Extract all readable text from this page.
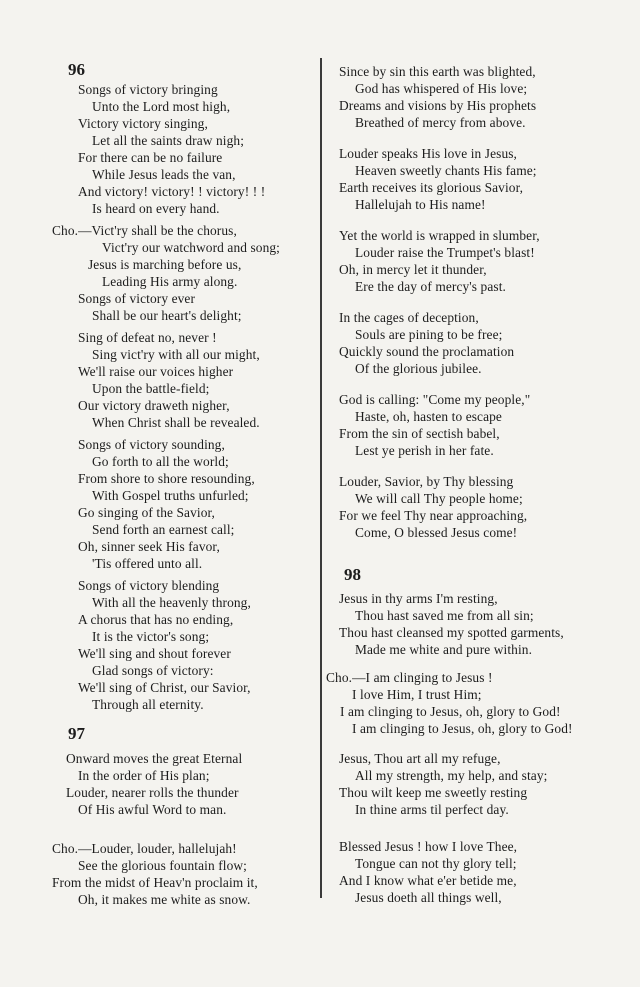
96
Songs of victory bringing
Unto the Lord most high,
Victory victory singing,
Let all the saints draw nigh;
For there can be no failure
While Jesus leads the van,
And victory! victory! ! victory! ! !
Is heard on every hand.
Cho.—Vict'ry shall be the chorus,
Vict'ry our watchword and song;
Jesus is marching before us,
Leading His army along.
Songs of victory ever
Shall be our heart's delight;
Sing of defeat no, never !
Sing vict'ry with all our might,
We'll raise our voices higher
Upon the battle-field;
Our victory draweth nigher,
When Christ shall be revealed.
Songs of victory sounding,
Go forth to all the world;
From shore to shore resounding,
With Gospel truths unfurled;
Go singing of the Savior,
Send forth an earnest call;
Oh, sinner seek His favor,
'Tis offered unto all.
Songs of victory blending
With all the heavenly throng,
A chorus that has no ending,
It is the victor's song;
We'll sing and shout forever
Glad songs of victory:
We'll sing of Christ, our Savior,
Through all eternity.
97
Onward moves the great Eternal
In the order of His plan;
Louder, nearer rolls the thunder
Of His awful Word to man.
Cho.—Louder, louder, hallelujah!
See the glorious fountain flow;
From the midst of Heav'n proclaim it,
Oh, it makes me white as snow.
Since by sin this earth was blighted,
God has whispered of His love;
Dreams and visions by His prophets
Breathed of mercy from above.
Louder speaks His love in Jesus,
Heaven sweetly chants His fame;
Earth receives its glorious Savior,
Hallelujah to His name!
Yet the world is wrapped in slumber,
Louder raise the Trumpet's blast!
Oh, in mercy let it thunder,
Ere the day of mercy's past.
In the cages of deception,
Souls are pining to be free;
Quickly sound the proclamation
Of the glorious jubilee.
God is calling: "Come my people,"
Haste, oh, hasten to escape
From the sin of sectish babel,
Lest ye perish in her fate.
Louder, Savior, by Thy blessing
We will call Thy people home;
For we feel Thy near approaching,
Come, O blessed Jesus come!
98
Jesus in thy arms I'm resting,
Thou hast saved me from all sin;
Thou hast cleansed my spotted garments,
Made me white and pure within.
Cho.—I am clinging to Jesus !
I love Him, I trust Him;
I am clinging to Jesus, oh, glory to God!
I am clinging to Jesus, oh, glory to God!
Jesus, Thou art all my refuge,
All my strength, my help, and stay;
Thou wilt keep me sweetly resting
In thine arms til perfect day.
Blessed Jesus ! how I love Thee,
Tongue can not thy glory tell;
And I know what e'er betide me,
Jesus doeth all things well,
